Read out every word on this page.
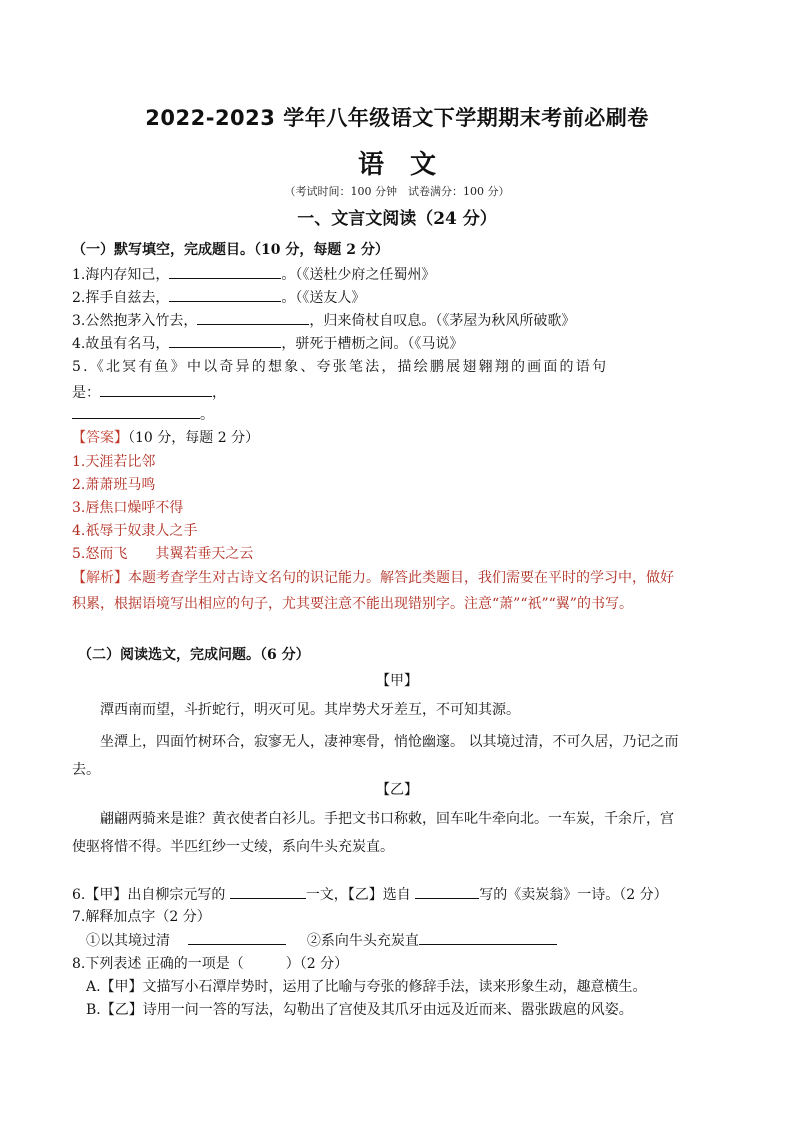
2022-2023 学年八年级语文下学期期末考前必刷卷
语　文
（考试时间：100 分钟　试卷满分：100 分）
一、文言文阅读（24 分）
（一）默写填空，完成题目。（10 分，每题 2 分）
1.海内存知己，	。（《送杜少府之任蜀州》
2.挥手自兹去，	。（《送友人》
3.公然抱茅入竹去，	，归来倚杖自叹息。（《茅屋为秋风所破歌》
4.故虽有名马，	，骈死于槽枥之间。（《马说》
5.《北冥有鱼》中以奇异的想象、夸张笔法，描绘鹏展翅翱翔的画面的语句
是：	，
。
【答案】（10 分，每题 2 分）
1.天涯若比邻
2.萧萧班马鸣
3.唇焦口燥呼不得
4.祇辱于奴隶人之手
5.怒而飞　　其翼若垂天之云
【解析】本题考查学生对古诗文名句的识记能力。解答此类题目，我们需要在平时的学习中，做好
积累，根据语境写出相应的句子，尤其要注意不能出现错别字。注意“萧”“祇”“翼”的书写。
（二）阅读选文，完成问题。（6 分）
【甲】
潭西南而望，斗折蛇行，明灭可见。其岸势犬牙差互，不可知其源。
坐潭上，四面竹树环合，寂寥无人，凄神寒骨，悄怆幽邃。 以其境过清，不可久居，乃记之而
去。
【乙】
翩翩两骑来是谁？黄衣使者白衫儿。手把文书口称敕，回车叱牛牵向北。一车炭，千余斤，宫
使驱将惜不得。半匹红纱一丈绫，系向牛头充炭直。
6.【甲】出自柳宗元写的	一文，【乙】选自	写的《卖炭翁》一诗。（2 分）
7.解释加点字（2 分）
①以其境过清	②系向牛头充炭直
8.下列表述 正确的一项是（　　　）（2 分）
A.【甲】文描写小石潭岸势时，运用了比喻与夸张的修辞手法，读来形象生动，趣意横生。
B.【乙】诗用一问一答的写法，勾勒出了宫使及其爪牙由远及近而来、嚣张跋扈的风姿。
